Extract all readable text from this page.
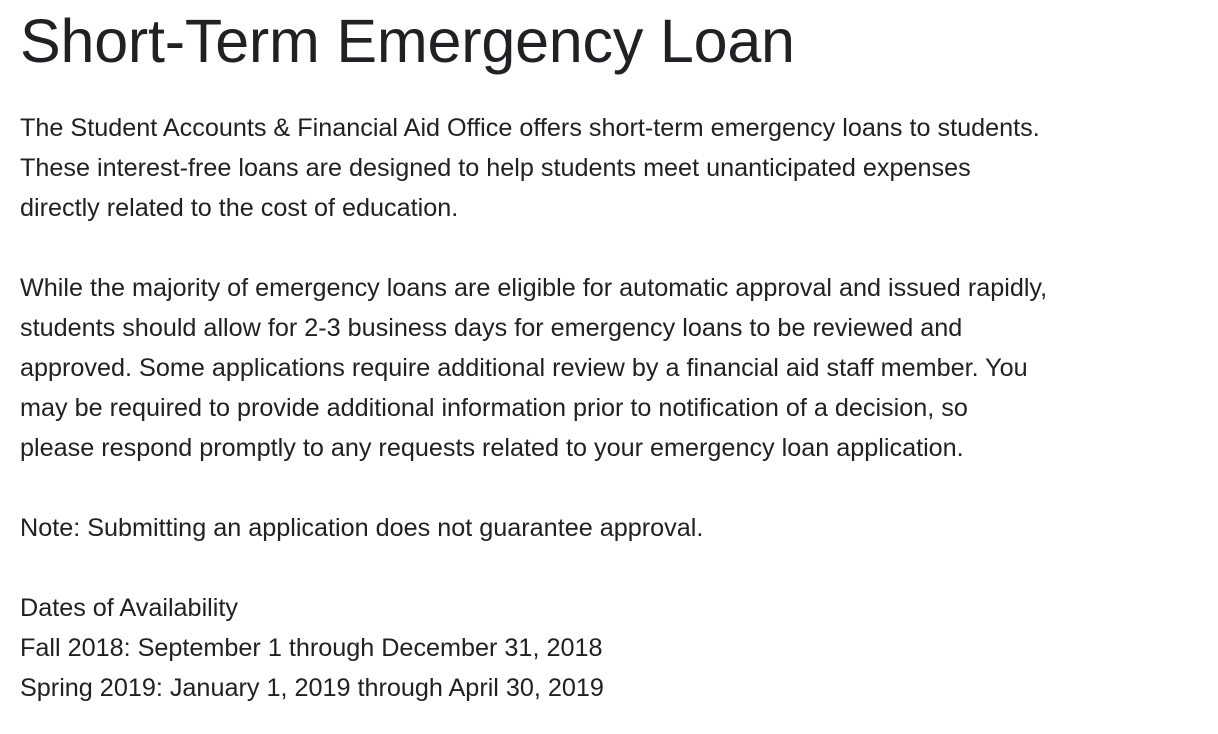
Short-Term Emergency Loan

The Student Accounts & Financial Aid Office offers short-term emergency loans to students.
These interest-free loans are designed to help students meet unanticipated expenses
directly related to the cost of education.

While the majority of emergency loans are eligible for automatic approval and issued rapidly,
students should allow for 2-3 business days for emergency loans to be reviewed and
approved. Some applications require additional review by a financial aid staff member. You
may be required to provide additional information prior to notification of a decision, so
please respond promptly to any requests related to your emergency loan application.

Note: Submitting an application does not guarantee approval.

Dates of Availability
Fall 2018: September 1 through December 31, 2018
Spring 2019: January 1, 2019 through April 30, 2019
